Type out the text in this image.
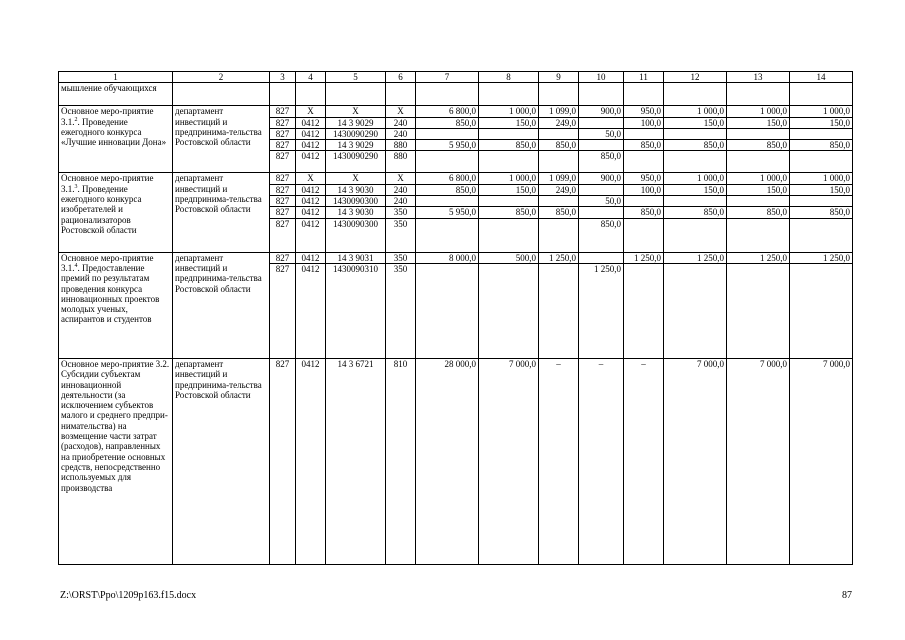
1	2	3	4	5	6	7	8	9	10	11	12	13	14
мышление обучающихся													
Основное меро-приятие 3.1.$^2$. Проведение ежегодного конкурса «Лучшие инновации Дона»	департамент инвестиций и предпринима-тельства Ростовской области	827	X	X	X	6 800,0	1 000,0	1 099,0	900,0	950,0	1 000,0	1 000,0	1 000,0
		827	0412	14 3 9029	240	850,0	150,0	249,0		100,0	150,0	150,0	150,0
		827	0412	1430090290	240				50,0				
		827	0412	14 3 9029	880	5 950,0	850,0	850,0		850,0	850,0	850,0	850,0
		827	0412	1430090290	880				850,0				
Основное меро-приятие 3.1.$^3$. Проведение ежегодного конкурса изобретателей и рационализаторов Ростовской области	департамент инвестиций и предпринима-тельства Ростовской области	827	X	X	X	6 800,0	1 000,0	1 099,0	900,0	950,0	1 000,0	1 000,0	1 000,0
		827	0412	14 3 9030	240	850,0	150,0	249,0		100,0	150,0	150,0	150,0
		827	0412	1430090300	240				50,0				
		827	0412	14 3 9030	350	5 950,0	850,0	850,0		850,0	850,0	850,0	850,0
		827	0412	1430090300	350				850,0				
Основное меро-приятие 3.1.$^4$. Предоставление премий по результатам проведения конкурса инновационных проектов молодых ученых, аспирантов и студентов	департамент инвестиций и предпринима-тельства Ростовской области	827	0412	14 3 9031	350	8 000,0	500,0	1 250,0		1 250,0	1 250,0	1 250,0	1 250,0
		827	0412	1430090310	350				1 250,0				
Основное меро-приятие 3.2. Субсидии субъектам инновационной деятельности (за исключением субъектов малого и среднего предпри-нимательства) на возмещение части затрат (расходов), направленных на приобретение основных средств, непосредственно используемых для производства	департамент инвестиций и предпринима-тельства Ростовской области	827	0412	14 3 6721	810	28 000,0	7 000,0	–	–	–	7 000,0	7 000,0	7 000,0
Z:\ORST\Ppo\1209p163.f15.docx	87
